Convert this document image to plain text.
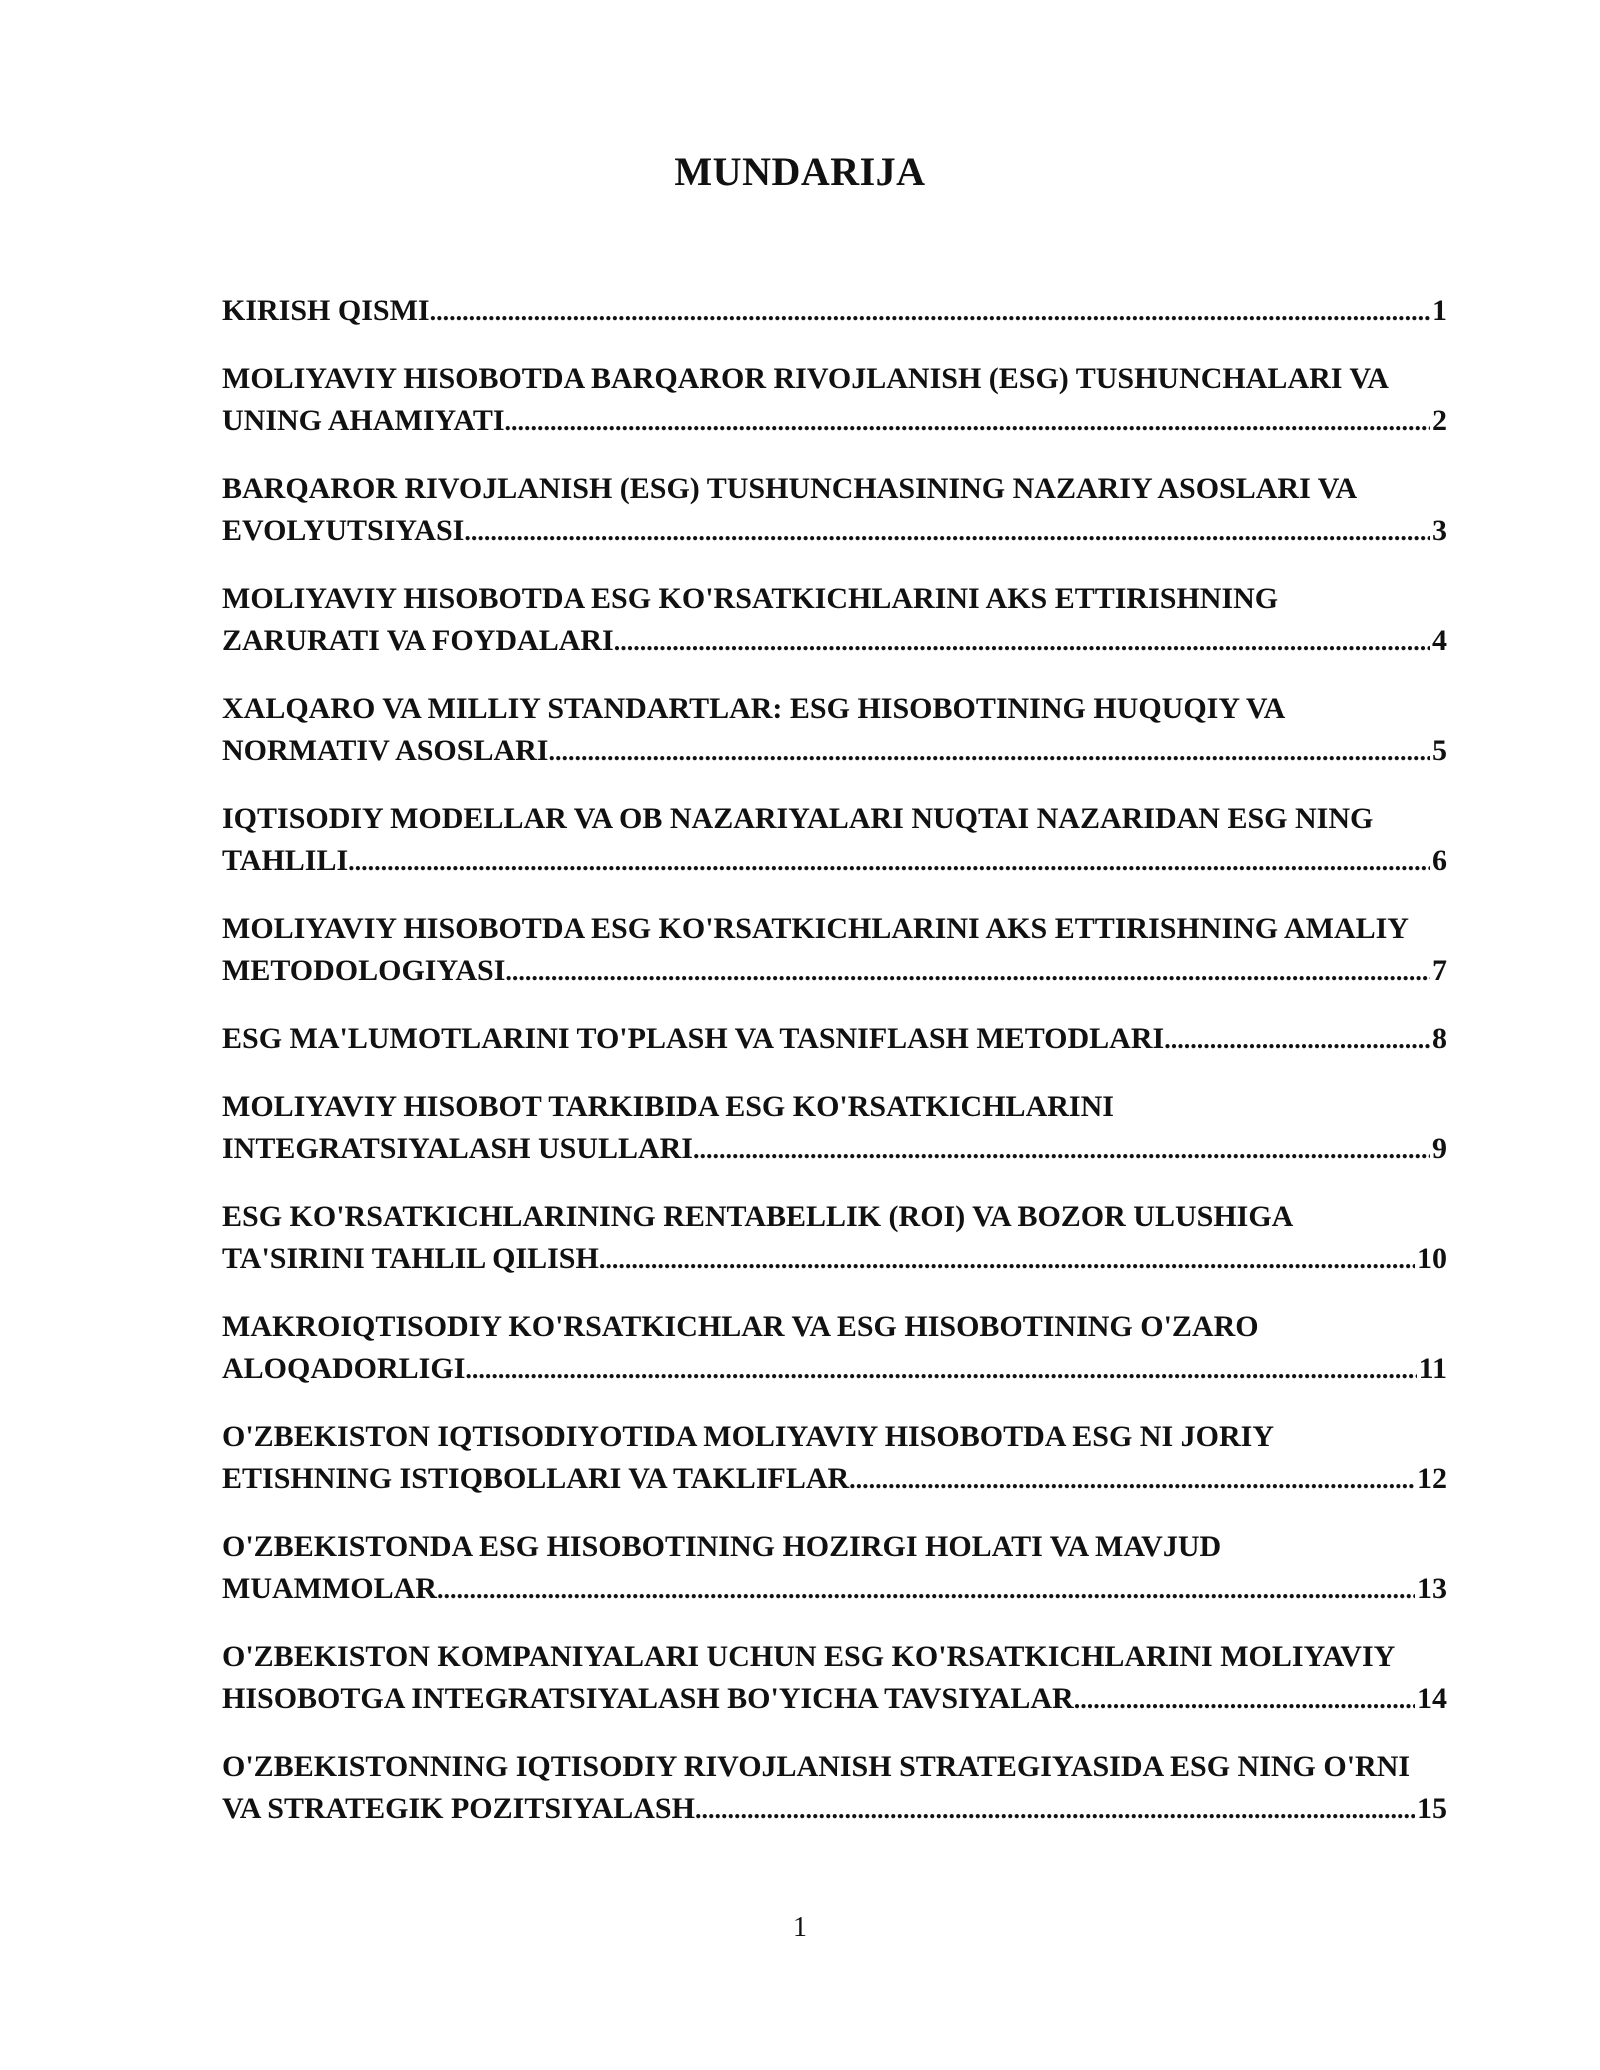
MUNDARIJA
KIRISH QISMI .....	1
MOLIYAVIY HISOBOTDA BARQAROR RIVOJLANISH (ESG) TUSHUNCHALARI VA
UNING AHAMIYATI .....	2
BARQAROR RIVOJLANISH (ESG) TUSHUNCHASINING NAZARIY ASOSLARI VA
EVOLYUTSIYASI .....	3
MOLIYAVIY HISOBOTDA ESG KO'RSATKICHLARINI AKS ETTIRISHNING
ZARURATI VA FOYDALARI .....	4
XALQARO VA MILLIY STANDARTLAR: ESG HISOBOTINING HUQUQIY VA
NORMATIV ASOSLARI .....	5
IQTISODIY MODELLAR VA OB NAZARIYALARI NUQTAI NAZARIDAN ESG NING
TAHLILI .....	6
MOLIYAVIY HISOBOTDA ESG KO'RSATKICHLARINI AKS ETTIRISHNING AMALIY
METODOLOGIYASI .....	7
ESG MA'LUMOTLARINI TO'PLASH VA TASNIFLASH METODLARI .....	8
MOLIYAVIY HISOBOT TARKIBIDA ESG KO'RSATKICHLARINI
INTEGRATSIYALASH USULLARI .....	9
ESG KO'RSATKICHLARINING RENTABELLIK (ROI) VA BOZOR ULUSHIGA
TA'SIRINI TAHLIL QILISH .....	10
MAKROIQTISODIY KO'RSATKICHLAR VA ESG HISOBOTINING O'ZARO
ALOQADORLIGI .....	11
O'ZBEKISTON IQTISODIYOTIDA MOLIYAVIY HISOBOTDA ESG NI JORIY
ETISHNING ISTIQBOLLARI VA TAKLIFLAR .....	12
O'ZBEKISTONDA ESG HISOBOTINING HOZIRGI HOLATI VA MAVJUD
MUAMMOLAR .....	13
O'ZBEKISTON KOMPANIYALARI UCHUN ESG KO'RSATKICHLARINI MOLIYAVIY
HISOBOTGA INTEGRATSIYALASH BO'YICHA TAVSIYALAR .....	14
O'ZBEKISTONNING IQTISODIY RIVOJLANISH STRATEGIYASIDA ESG NING O'RNI
VA STRATEGIK POZITSIYALASH .....	15
1
